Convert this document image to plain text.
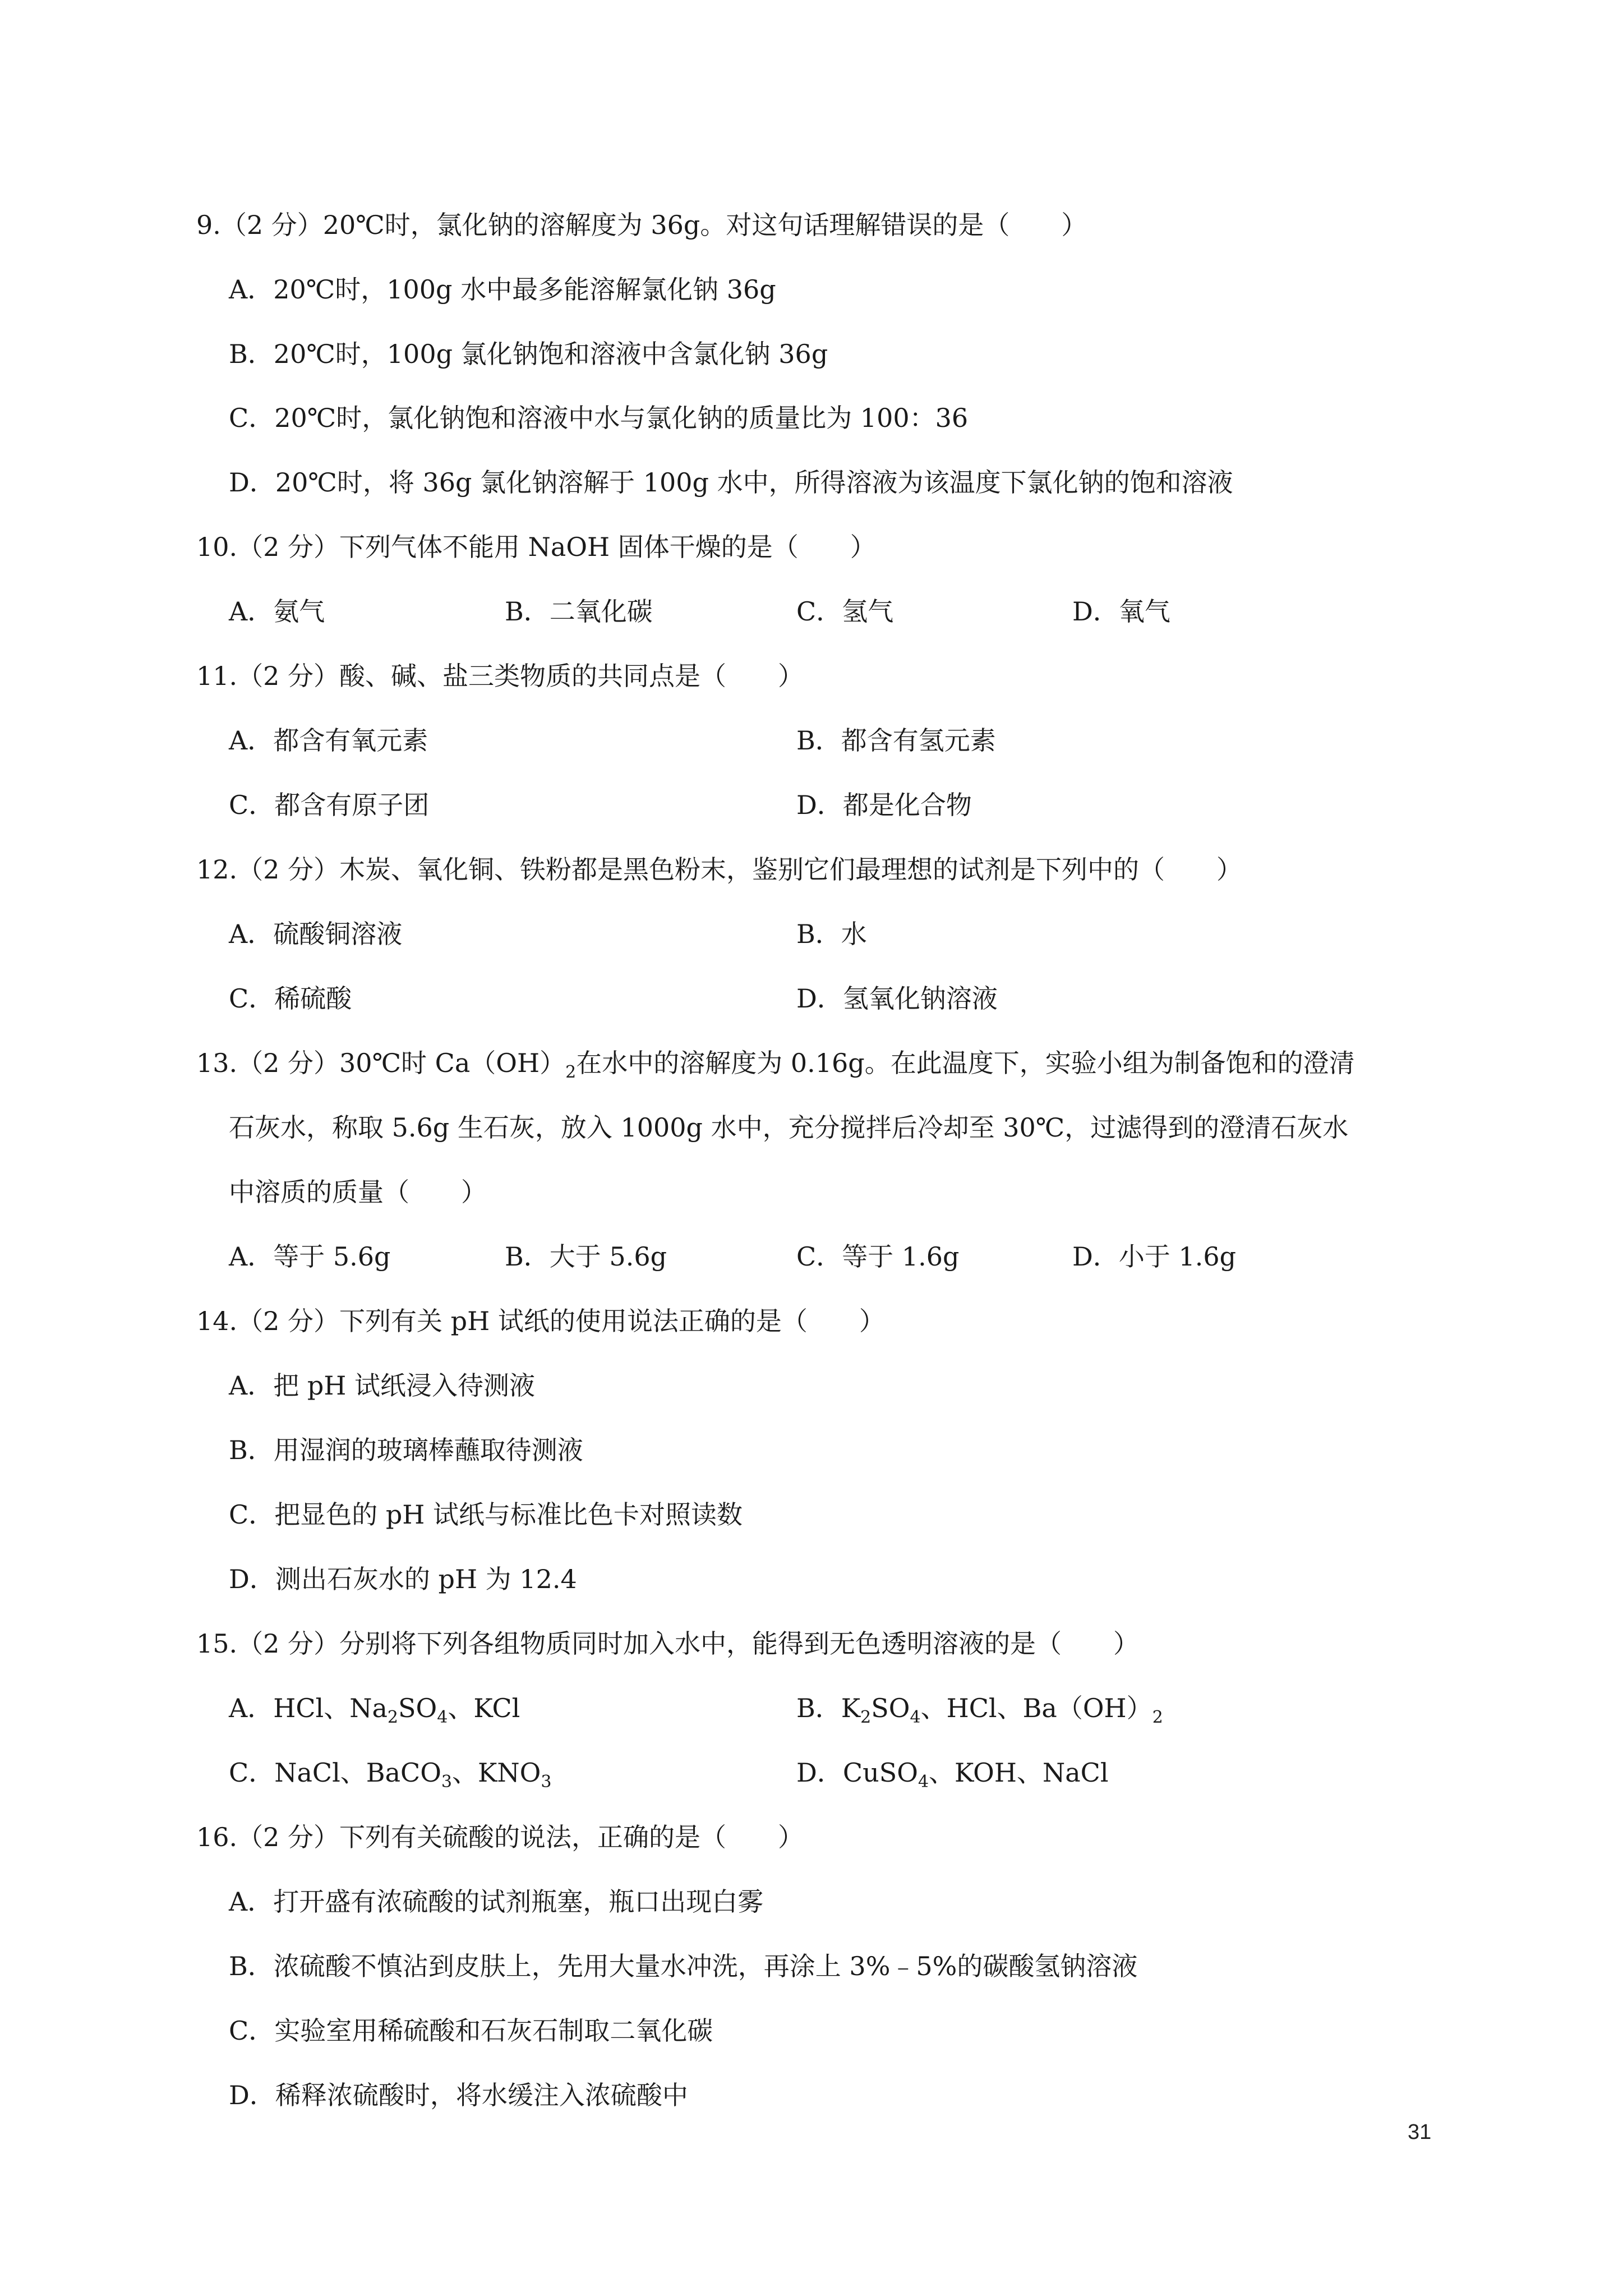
9.（2 分）20℃时，氯化钠的溶解度为 36g。对这句话理解错误的是（　　）
A．20℃时，100g 水中最多能溶解氯化钠 36g
B．20℃时，100g 氯化钠饱和溶液中含氯化钠 36g
C．20℃时，氯化钠饱和溶液中水与氯化钠的质量比为 100：36
D．20℃时，将 36g 氯化钠溶解于 100g 水中，所得溶液为该温度下氯化钠的饱和溶液
10.（2 分）下列气体不能用 NaOH 固体干燥的是（　　）
A．氨气	B．二氧化碳	C．氢气	D．氧气
11.（2 分）酸、碱、盐三类物质的共同点是（　　）
A．都含有氧元素	B．都含有氢元素
C．都含有原子团	D．都是化合物
12.（2 分）木炭、氧化铜、铁粉都是黑色粉末，鉴别它们最理想的试剂是下列中的（　　）
A．硫酸铜溶液	B．水
C．稀硫酸	D．氢氧化钠溶液
13.（2 分）30℃时 $Ca(OH)_2$在水中的溶解度为 0.16g。在此温度下，实验小组为制备饱和的澄清
石灰水，称取 5.6g 生石灰，放入 1000g 水中，充分搅拌后冷却至 30℃，过滤得到的澄清石灰水
中溶质的质量（　　）
A．等于 5.6g	B．大于 5.6g	C．等于 1.6g	D．小于 1.6g
14.（2 分）下列有关 pH 试纸的使用说法正确的是（　　）
A．把 pH 试纸浸入待测液
B．用湿润的玻璃棒蘸取待测液
C．把显色的 pH 试纸与标准比色卡对照读数
D．测出石灰水的 pH 为 12.4
15.（2 分）分别将下列各组物质同时加入水中，能得到无色透明溶液的是（　　）
A．HCl、$Na_2SO_4$、KCl	B．$K_2SO_4$、HCl、$Ba(OH)_2$
C．NaCl、BaCO$_3$、$KNO_3$	D．CuSO$_4$、KOH、NaCl
16.（2 分）下列有关硫酸的说法，正确的是（　　）
A．打开盛有浓硫酸的试剂瓶塞，瓶口出现白雾
B．浓硫酸不慎沾到皮肤上，先用大量水冲洗，再涂上 3%﹣5%的碳酸氢钠溶液
C．实验室用稀硫酸和石灰石制取二氧化碳
D．稀释浓硫酸时，将水缓注入浓硫酸中
31
